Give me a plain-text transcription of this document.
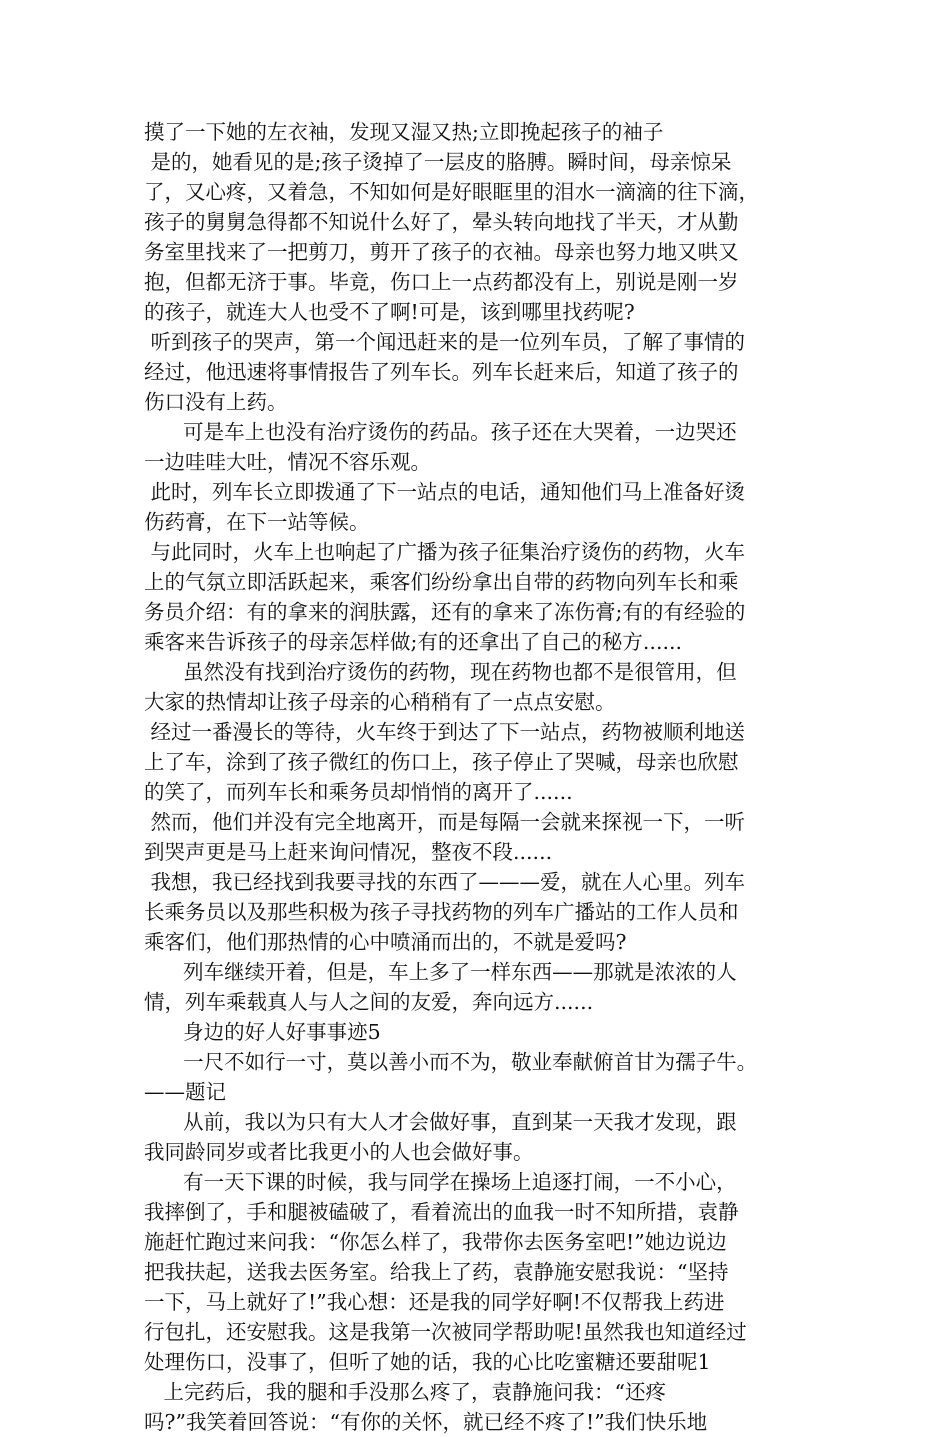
摸了一下她的左衣袖，发现又湿又热;立即挽起孩子的袖子
是的，她看见的是;孩子烫掉了一层皮的胳膊。瞬时间，母亲惊呆
了，又心疼，又着急，不知如何是好眼眶里的泪水一滴滴的往下滴，
孩子的舅舅急得都不知说什么好了，晕头转向地找了半天，才从勤
务室里找来了一把剪刀，剪开了孩子的衣袖。母亲也努力地又哄又
抱，但都无济于事。毕竟，伤口上一点药都没有上，别说是刚一岁
的孩子，就连大人也受不了啊!可是，该到哪里找药呢?
听到孩子的哭声，第一个闻迅赶来的是一位列车员，了解了事情的
经过，他迅速将事情报告了列车长。列车长赶来后，知道了孩子的
伤口没有上药。
可是车上也没有治疗烫伤的药品。孩子还在大哭着，一边哭还
一边哇哇大吐，情况不容乐观。
此时，列车长立即拨通了下一站点的电话，通知他们马上准备好烫
伤药膏，在下一站等候。
与此同时，火车上也响起了广播为孩子征集治疗烫伤的药物，火车
上的气氛立即活跃起来，乘客们纷纷拿出自带的药物向列车长和乘
务员介绍：有的拿来的润肤露，还有的拿来了冻伤膏;有的有经验的
乘客来告诉孩子的母亲怎样做;有的还拿出了自己的秘方......
虽然没有找到治疗烫伤的药物，现在药物也都不是很管用，但
大家的热情却让孩子母亲的心稍稍有了一点点安慰。
经过一番漫长的等待，火车终于到达了下一站点，药物被顺利地送
上了车，涂到了孩子微红的伤口上，孩子停止了哭喊，母亲也欣慰
的笑了，而列车长和乘务员却悄悄的离开了......
然而，他们并没有完全地离开，而是每隔一会就来探视一下，一听
到哭声更是马上赶来询问情况，整夜不段......
我想，我已经找到我要寻找的东西了———爱，就在人心里。列车
长乘务员以及那些积极为孩子寻找药物的列车广播站的工作人员和
乘客们，他们那热情的心中喷涌而出的，不就是爱吗?
列车继续开着，但是，车上多了一样东西——那就是浓浓的人
情，列车乘载真人与人之间的友爱，奔向远方......
身边的好人好事事迹5
一尺不如行一寸，莫以善小而不为，敬业奉献俯首甘为孺子牛。
——题记
从前，我以为只有大人才会做好事，直到某一天我才发现，跟
我同龄同岁或者比我更小的人也会做好事。
有一天下课的时候，我与同学在操场上追逐打闹，一不小心，
我摔倒了，手和腿被磕破了，看着流出的血我一时不知所措，袁静
施赶忙跑过来问我：“你怎么样了，我带你去医务室吧!”她边说边
把我扶起，送我去医务室。给我上了药，袁静施安慰我说：“坚持
一下，马上就好了!”我心想：还是我的同学好啊!不仅帮我上药进
行包扎，还安慰我。这是我第一次被同学帮助呢!虽然我也知道经过
处理伤口，没事了，但听了她的话，我的心比吃蜜糖还要甜呢1
上完药后，我的腿和手没那么疼了，袁静施问我：“还疼
吗?”我笑着回答说：“有你的关怀，就已经不疼了!”我们快乐地
